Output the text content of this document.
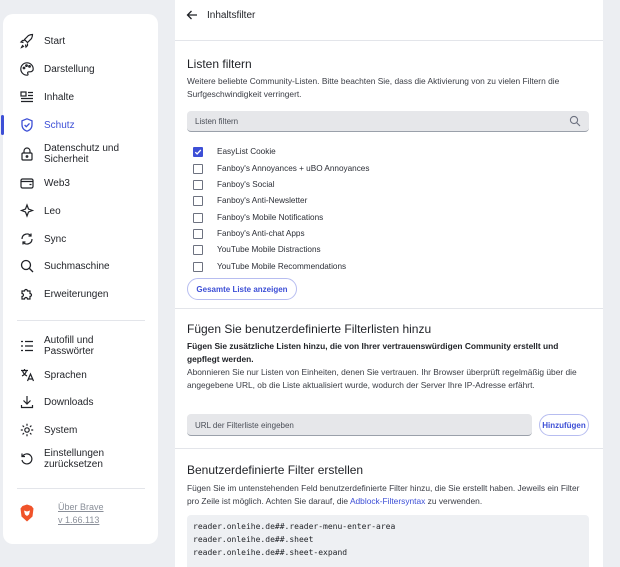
Start
Darstellung
Inhalte
Schutz
Datenschutz und
Sicherheit
Web3
Leo
Sync
Suchmaschine
Erweiterungen
Autofill und
Passwörter
Sprachen
Downloads
System
Einstellungen
zurücksetzen
Über Brave
v 1.66.113
Inhaltsfilter
Listen filtern
Weitere beliebte Community-Listen. Bitte beachten Sie, dass die Aktivierung von zu vielen Filtern die Surfgeschwindigkeit verringert.
Listen filtern
EasyList Cookie
Fanboy's Annoyances + uBO Annoyances
Fanboy's Social
Fanboy's Anti-Newsletter
Fanboy's Mobile Notifications
Fanboy's Anti-chat Apps
YouTube Mobile Distractions
YouTube Mobile Recommendations
Gesamte Liste anzeigen
Fügen Sie benutzerdefinierte Filterlisten hinzu
Fügen Sie zusätzliche Listen hinzu, die von Ihrer vertrauenswürdigen Community erstellt und gepflegt werden.
Abonnieren Sie nur Listen von Einheiten, denen Sie vertrauen. Ihr Browser überprüft regelmäßig über die angegebene URL, ob die Liste aktualisiert wurde, wodurch der Server Ihre IP-Adresse erfährt.
URL der Filterliste eingeben
Hinzufügen
Benutzerdefinierte Filter erstellen
Fügen Sie im untenstehenden Feld benutzerdefinierte Filter hinzu, die Sie erstellt haben. Jeweils ein Filter pro Zeile ist möglich. Achten Sie darauf, die Adblock-Filtersyntax zu verwenden.
reader.onleihe.de##.reader-menu-enter-area
reader.onleihe.de##.sheet
reader.onleihe.de##.sheet-expand
